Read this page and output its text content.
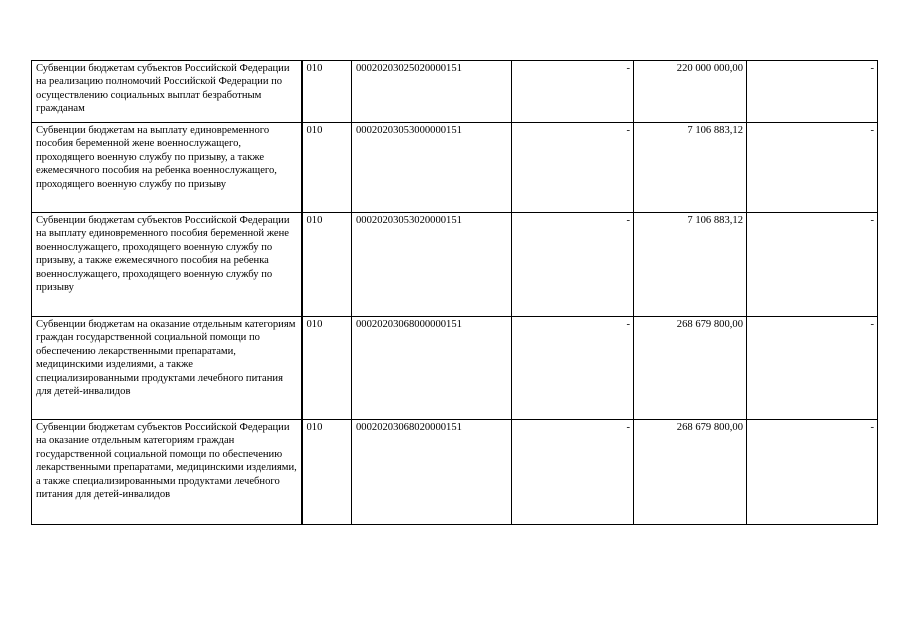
Субвенции бюджетам субъектов Российской Федерации на реализацию полномочий Российской Федерации по осуществлению социальных выплат безработным гражданам	010	00020203025020000151	-	220 000 000,00	-
Субвенции бюджетам на выплату единовременного пособия беременной жене военнослужащего, проходящего военную службу по призыву, а также ежемесячного пособия на ребенка военнослужащего, проходящего военную службу по призыву	010	00020203053000000151	-	7 106 883,12	-
Субвенции бюджетам субъектов Российской Федерации на выплату единовременного пособия беременной жене военнослужащего, проходящего военную службу по призыву, а также ежемесячного пособия на ребенка военнослужащего, проходящего военную службу по призыву	010	00020203053020000151	-	7 106 883,12	-
Субвенции бюджетам на оказание отдельным категориям граждан государственной социальной помощи по обеспечению лекарственными препаратами, медицинскими изделиями, а также специализированными продуктами лечебного питания для детей-инвалидов	010	00020203068000000151	-	268 679 800,00	-
Субвенции бюджетам субъектов Российской Федерации на оказание отдельным категориям граждан государственной социальной помощи по обеспечению лекарственными препаратами, медицинскими изделиями, а также специализированными продуктами лечебного питания для детей-инвалидов	010	00020203068020000151	-	268 679 800,00	-
